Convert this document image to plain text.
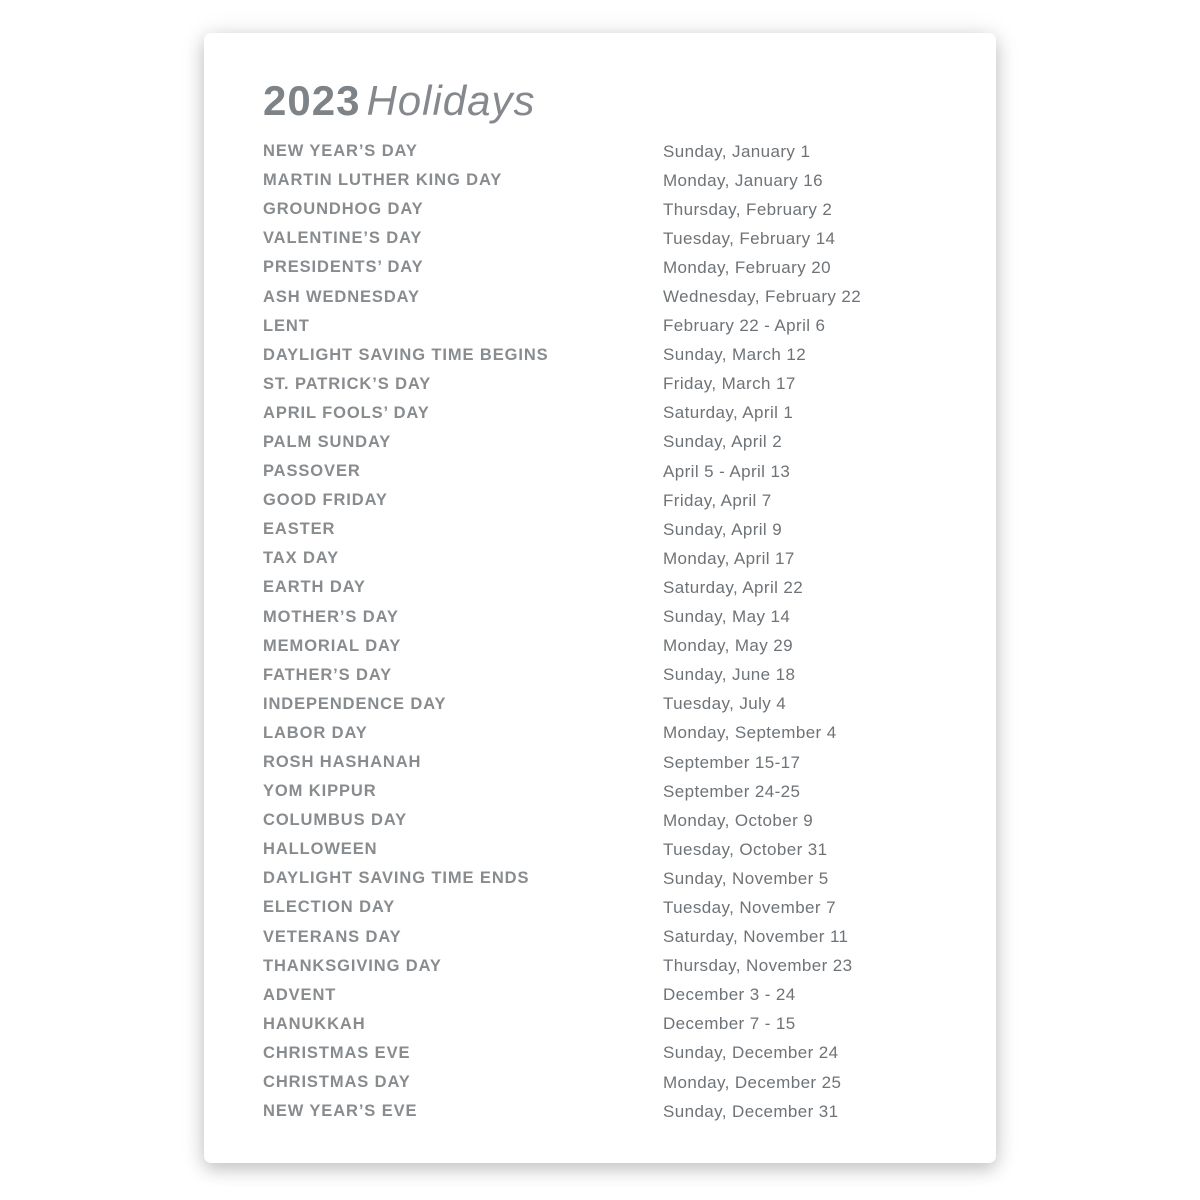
2023 Holidays
NEW YEAR’S DAY	Sunday, January 1
MARTIN LUTHER KING DAY	Monday, January 16
GROUNDHOG DAY	Thursday, February 2
VALENTINE’S DAY	Tuesday, February 14
PRESIDENTS’ DAY	Monday, February 20
ASH WEDNESDAY	Wednesday, February 22
LENT	February 22 - April 6
DAYLIGHT SAVING TIME BEGINS	Sunday, March 12
ST. PATRICK’S DAY	Friday, March 17
APRIL FOOLS’ DAY	Saturday, April 1
PALM SUNDAY	Sunday, April 2
PASSOVER	April 5 - April 13
GOOD FRIDAY	Friday, April 7
EASTER	Sunday, April 9
TAX DAY	Monday, April 17
EARTH DAY	Saturday, April 22
MOTHER’S DAY	Sunday, May 14
MEMORIAL DAY	Monday, May 29
FATHER’S DAY	Sunday, June 18
INDEPENDENCE DAY	Tuesday, July 4
LABOR DAY	Monday, September 4
ROSH HASHANAH	September 15-17
YOM KIPPUR	September 24-25
COLUMBUS DAY	Monday, October 9
HALLOWEEN	Tuesday, October 31
DAYLIGHT SAVING TIME ENDS	Sunday, November 5
ELECTION DAY	Tuesday, November 7
VETERANS DAY	Saturday, November 11
THANKSGIVING DAY	Thursday, November 23
ADVENT	December 3 - 24
HANUKKAH	December 7 - 15
CHRISTMAS EVE	Sunday, December 24
CHRISTMAS DAY	Monday, December 25
NEW YEAR’S EVE	Sunday, December 31
